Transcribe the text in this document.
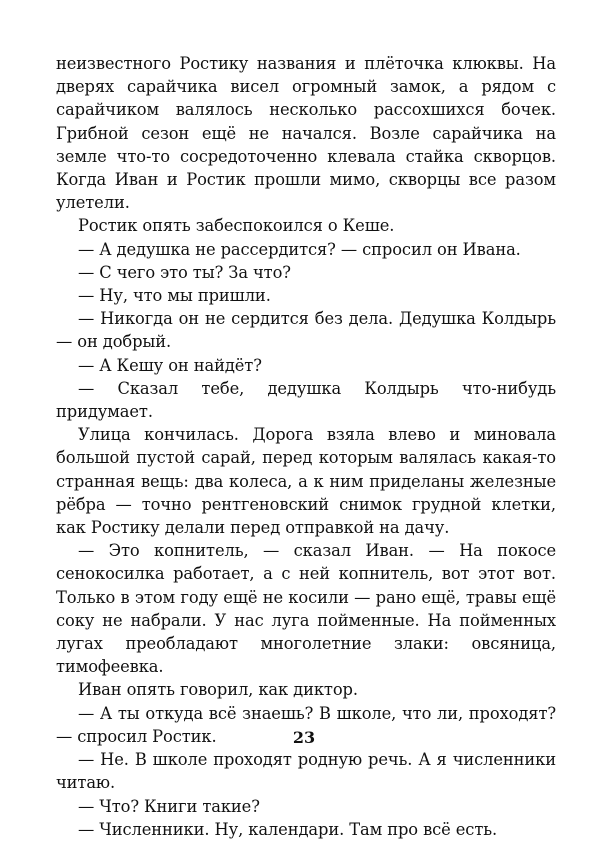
неизвестного Ростику названия и плёточка клюквы. На дверях сарайчика висел огромный замок, а рядом с сарайчиком валялось несколько рассохшихся бочек. Грибной сезон ещё не начался. Возле сарайчика на земле что-то сосредоточенно клевала стайка скворцов. Когда Иван и Ростик прошли мимо, скворцы все разом улетели.

Ростик опять забеспокоился о Кеше.

— А дедушка не рассердится? — спросил он Ивана.

— С чего это ты? За что?

— Ну, что мы пришли.

— Никогда он не сердится без дела. Дедушка Колдырь — он добрый.

— А Кешу он найдёт?

— Сказал тебе, дедушка Колдырь что-нибудь придумает.

Улица кончилась. Дорога взяла влево и миновала большой пустой сарай, перед которым валялась какая-то странная вещь: два колеса, а к ним приделаны железные рёбра — точно рентгеновский снимок грудной клетки, как Ростику делали перед отправкой на дачу.

— Это копнитель, — сказал Иван. — На покосе сенокосилка работает, а с ней копнитель, вот этот вот. Только в этом году ещё не косили — рано ещё, травы ещё соку не набрали. У нас луга пойменные. На пойменных лугах преобладают многолетние злаки: овсяница, тимофеевка.

Иван опять говорил, как диктор.

— А ты откуда всё знаешь? В школе, что ли, проходят? — спросил Ростик.

— Не. В школе проходят родную речь. А я численники читаю.

— Что? Книги такие?

— Численники. Ну, календари. Там про всё есть.

23
